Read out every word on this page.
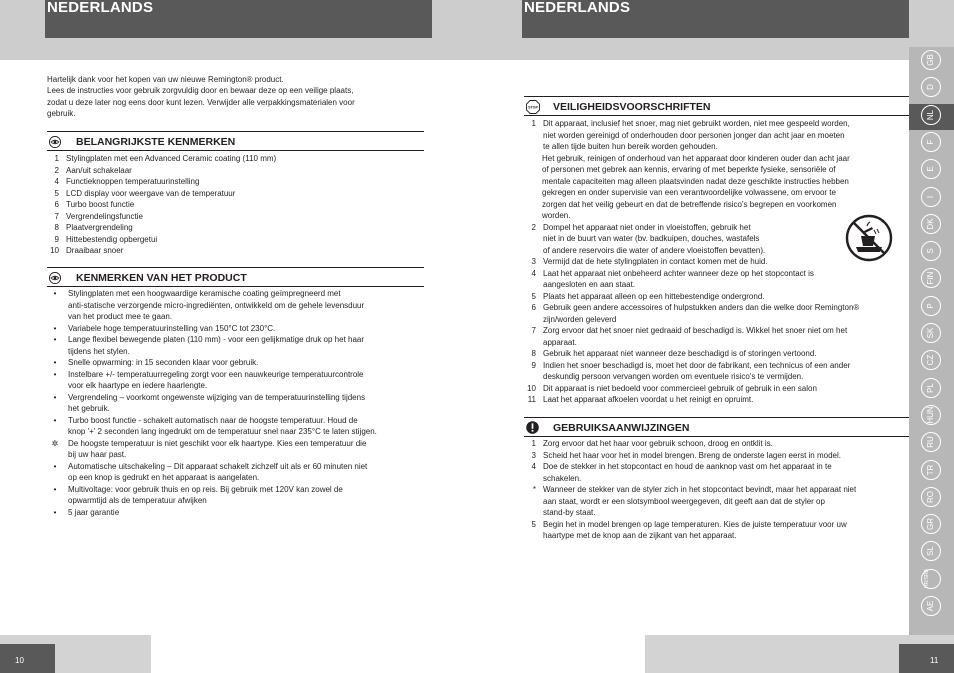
NEDERLANDS	NEDERLANDS
Hartelijk dank voor het kopen van uw nieuwe Remington® product.
Lees de instructies voor gebruik zorgvuldig door en bewaar deze op een veilige plaats,
zodat u deze later nog eens door kunt lezen. Verwijder alle verpakkingsmaterialen voor
gebruik.
BELANGRIJKSTE KENMERKEN
1 Stylingplaten met een Advanced Ceramic coating (110 mm)
2 Aan/uit schakelaar
4 Functieknoppen temperatuurinstelling
5 LCD display voor weergave van de temperatuur
6 Turbo boost functie
7 Vergrendelingsfunctie
8 Plaatvergrendeling
9 Hittebestendig opbergetui
10 Draaibaar snoer
KENMERKEN VAN HET PRODUCT
•	Stylingplaten met een hoogwaardige keramische coating geïmpregneerd met
anti-statische verzorgende micro-ingrediënten, ontwikkeld om de gehele levensduur
van het product mee te gaan.
•	Variabele hoge temperatuurinstelling van 150°C tot 230°C.
•	Lange flexibel bewegende platen (110 mm) - voor een gelijkmatige druk op het haar
tijdens het stylen.
•	Snelle opwarming: in 15 seconden klaar voor gebruik.
•	Instelbare +/- temperatuurregeling zorgt voor een nauwkeurige temperatuurcontrole
voor elk haartype en iedere haarlengte.
•	Vergrendeling – voorkomt ongewenste wijziging van de temperatuurinstelling tijdens
het gebruik.
•	Turbo boost functie - schakelt automatisch naar de hoogste temperatuur. Houd de
knop '+' 2 seconden lang ingedrukt om de temperatuur snel naar 235°C te laten stijgen.
✲	De hoogste temperatuur is niet geschikt voor elk haartype. Kies een temperatuur die
bij uw haar past.
•	Automatische uitschakeling – Dit apparaat schakelt zichzelf uit als er 60 minuten niet
op een knop is gedrukt en het apparaat is aangelaten.
•	Multivoltage: voor gebruik thuis en op reis. Bij gebruik met 120V kan zowel de
opwarmtijd als de temperatuur afwijken
•	5 jaar garantie
STOP VEILIGHEIDSVOORSCHRIFTEN
1 Dit apparaat, inclusief het snoer, mag niet gebruikt worden, niet mee gespeeld worden,
niet worden gereinigd of onderhouden door personen jonger dan acht jaar en moeten
te allen tijde buiten hun bereik worden gehouden.
Het gebruik, reinigen of onderhoud van het apparaat door kinderen ouder dan acht jaar
of personen met gebrek aan kennis, ervaring of met beperkte fysieke, sensoriële of
mentale capaciteiten mag alleen plaatsvinden nadat deze geschikte instructies hebben
gekregen en onder supervisie van een verantwoordelijke volwassene, om ervoor te
zorgen dat het veilig gebeurt en dat de betreffende risico's begrepen en voorkomen
worden.
2 Dompel het apparaat niet onder in vloeistoffen, gebruik het
niet in de buurt van water (bv. badkuipen, douches, wastafels
of andere reservoirs die water of andere vloeistoffen bevatten).
3 Vermijd dat de hete stylingplaten in contact komen met de huid.
4 Laat het apparaat niet onbeheerd achter wanneer deze op het stopcontact is
aangesloten en aan staat.
5 Plaats het apparaat alleen op een hittebestendige ondergrond.
6 Gebruik geen andere accessoires of hulpstukken anders dan die welke door Remington®
zijn/worden geleverd
7 Zorg ervoor dat het snoer niet gedraaid of beschadigd is. Wikkel het snoer niet om het
apparaat.
8 Gebruik het apparaat niet wanneer deze beschadigd is of storingen vertoond.
9 Indien het snoer beschadigd is, moet het door de fabrikant, een technicus of een ander
deskundig persoon vervangen worden om eventuele risico's te vermijden.
10 Dit apparaat is niet bedoeld voor commercieel gebruik of gebruik in een salon
11 Laat het apparaat afkoelen voordat u het reinigt en opruimt.
GEBRUIKSAANWIJZINGEN
1 Zorg ervoor dat het haar voor gebruik schoon, droog en ontklit is.
3 Scheid het haar voor het in model brengen. Breng de onderste lagen eerst in model.
4 Doe de stekker in het stopcontact en houd de aanknop vast om het apparaat in te
schakelen.
* Wanneer de stekker van de styler zich in het stopcontact bevindt, maar het apparaat niet
aan staat, wordt er een slotsymbool weergegeven, dit geeft aan dat de styler op
stand-by staat.
5 Begin het in model brengen op lage temperaturen. Kies de juiste temperatuur voor uw
haartype met de knop aan de zijkant van het apparaat.
10	11
GB
D
NL
F
E
I
DK
S
FIN
P
SK
CZ
PL
HUN
RU
TR
RO
GR
SL
HR/SRB
AE
